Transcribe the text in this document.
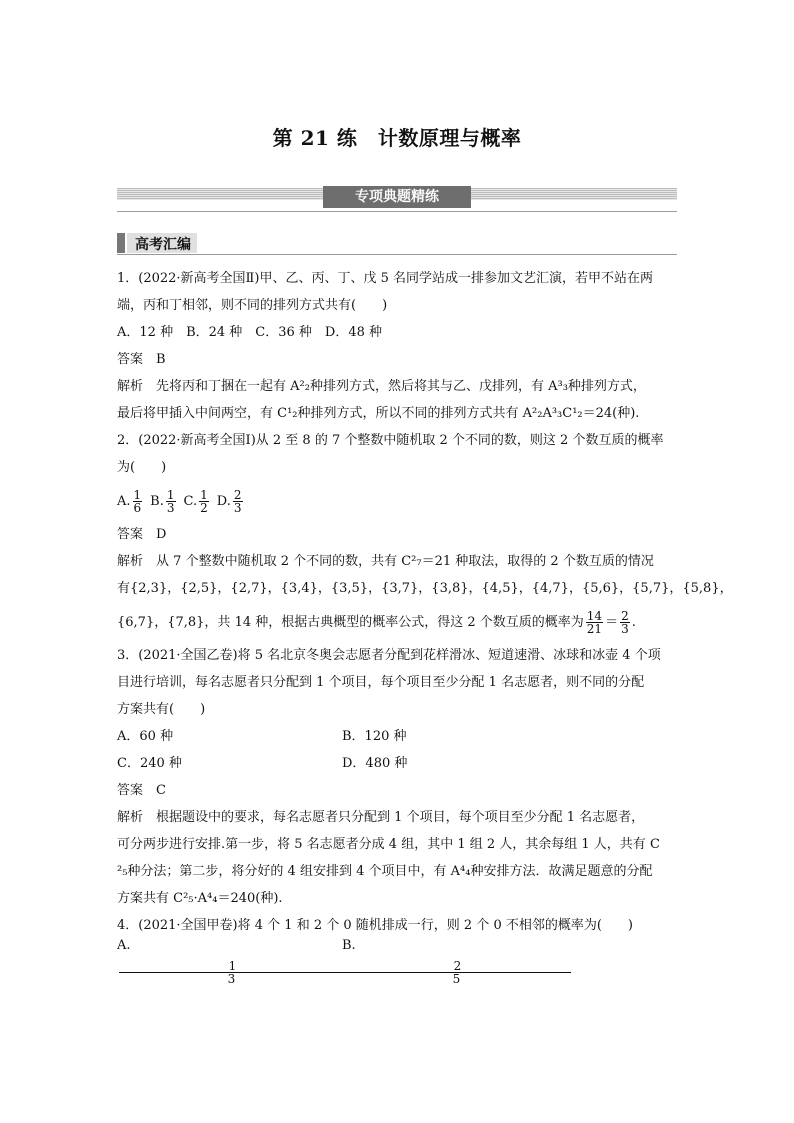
第 21 练　计数原理与概率
专项典题精练
高考汇编

1．(2022·新高考全国Ⅱ)甲、乙、丙、丁、戊 5 名同学站成一排参加文艺汇演，若甲不站在两

端，丙和丁相邻，则不同的排列方式共有(　　)

A．12 种　B．24 种　C．36 种　D．48 种

答案　 B

解析　 先将丙和丁捆在一起有 A²₂种排列方式，然后将其与乙、戊排列，有 A³₃种排列方式，

最后将甲插入中间两空，有 C¹₂种排列方式，所以不同的排列方式共有 A²₂A³₃C¹₂＝24(种).

2．(2022·新高考全国Ⅰ)从 2 至 8 的 7 个整数中随机取 2 个不同的数，则这 2 个数互质的概率

为(　　)

A. $\frac{1}{6} B$. $\frac{1}{3} C$. $\frac{1}{2} D$. $\frac{2}{3}$

答案　 D

解析　 从 7 个整数中随机取 2 个不同的数，共有 C²₇＝21 种取法，取得的 2 个数互质的情况

有{2,3}，{2,5}，{2,7}，{3,4}，{3,5}，{3,7}，{3,8}，{4,5}，{4,7}，{5,6}，{5,7}，{5,8}，

{6,7}，{7,8}，共 14 种，根据古典概型的概率公式，得这 2 个数互质的概率为 $\frac{14}{21} = \frac{2}{3}$ .

3．(2021·全国乙卷)将 5 名北京冬奥会志愿者分配到花样滑冰、短道速滑、冰球和冰壶 4 个项

目进行培训，每名志愿者只分配到 1 个项目，每个项目至少分配 1 名志愿者，则不同的分配

方案共有(　　)

A．60 种	B．120 种
C．240 种	D．480 种

答案　 C

解析　 根据题设中的要求，每名志愿者只分配到 1 个项目，每个项目至少分配 1 名志愿者，

可分两步进行安排.第一步，将 5 名志愿者分成 4 组，其中 1 组 2 人，其余每组 1 人，共有 C

²₅种分法；第二步，将分好的 4 组安排到 4 个项目中，有 A⁴₄种安排方法．故满足题意的分配

方案共有 C²₅·A⁴₄＝240(种).

4．(2021·全国甲卷)将 4 个 1 和 2 个 0 随机排成一行，则 2 个 0 不相邻的概率为(　　)

A.
$\frac{1}{3}$
B.
$\frac{2}{5}$
